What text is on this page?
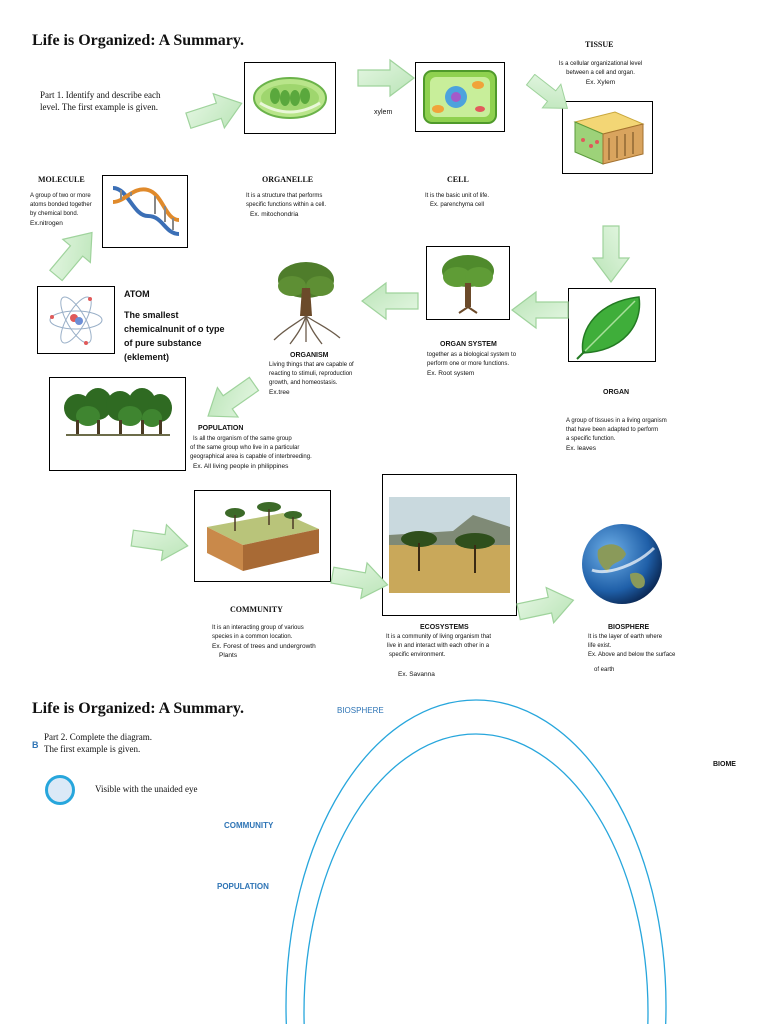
Life is Organized: A Summary.
Part 1. Identify and describe each
level. The first example is given.
xylem
TISSUE
Is a cellular organizational level
between a cell and organ.
Ex. Xylem
MOLECULE
A group of two or more
atoms bonded together
by chemical bond.
Ex.nitrogen
ORGANELLE
It is a structure that performs
specific functions within a cell.
Ex. mitochondria
CELL
It is the basic unit of life.
Ex. parenchyma cell
ATOM
The smallest
chemicalnunit of o type
of pure substance
(eklement)	ORGANISM
Living things that are capable of
reacting to stimuli, reproduction
growth, and homeostasis.
Ex.tree
ORGAN SYSTEM
together as a biological system to
perform one or more functions.
Ex. Root system
ORGAN
A group of tissues in a living organism
that have been adapted to perform
a specific function.
Ex. leaves
POPULATION
Is all the organism of the same group
of the same group who live in a particular
geographical area is capable of interbreeding.
Ex. All living people in philippines
COMMUNITY
It is an interacting group of various
species in a common location.
Ex. Forest of trees and undergrowth
Plants
ECOSYSTEMS
It is a community of living organism that
live in and interact with each other in a
specific environment.
Ex. Savanna
BIOSPHERE
It is the layer of earth where
life exist.
Ex. Above and below the surface
of earth
Life is Organized: A Summary.
Part 2. Complete the diagram.
The first example is given.
B
Visible with the unaided eye
BIOSPHERE
BIOME
COMMUNITY
POPULATION
